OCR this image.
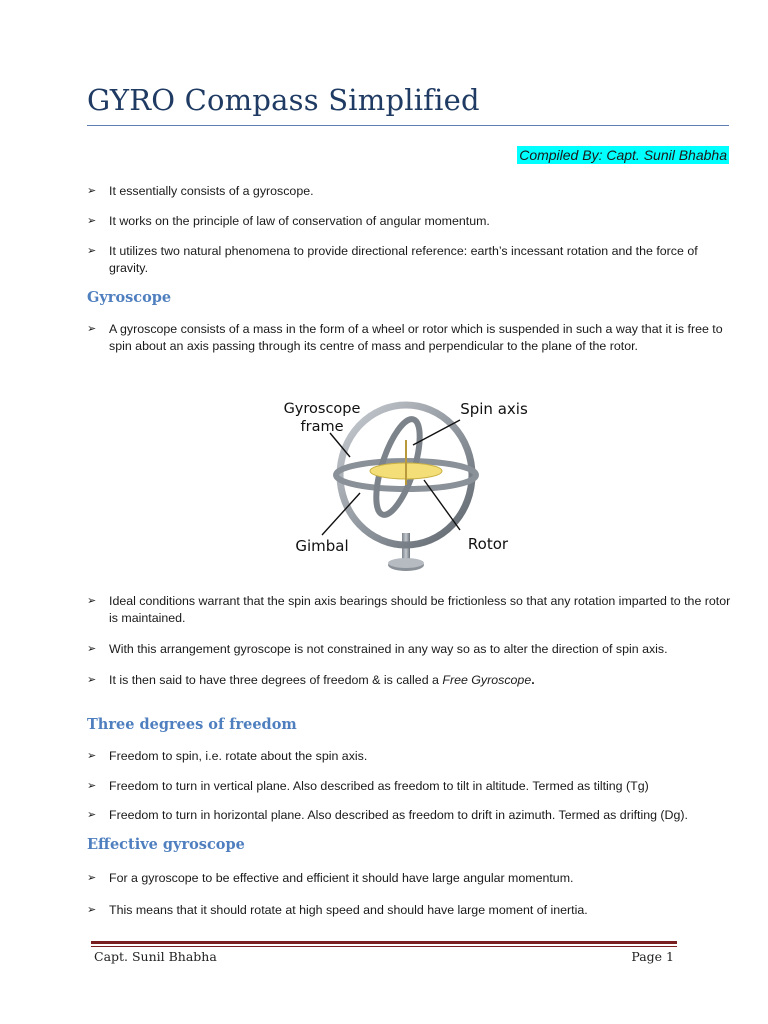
GYRO Compass Simplified
Compiled By: Capt. Sunil Bhabha
➢ It essentially consists of a gyroscope.
➢ It works on the principle of law of conservation of angular momentum.
➢ It utilizes two natural phenomena to provide directional reference: earth’s incessant rotation and the force of gravity.
Gyroscope
➢ A gyroscope consists of a mass in the form of a wheel or rotor which is suspended in such a way that it is free to spin about an axis passing through its centre of mass and perpendicular to the plane of the rotor.
Gyroscope
frame
Spin axis
Gimbal	Rotor
➢ Ideal conditions warrant that the spin axis bearings should be frictionless so that any rotation imparted to the rotor is maintained.
➢ With this arrangement gyroscope is not constrained in any way so as to alter the direction of spin axis.
➢ It is then said to have three degrees of freedom & is called a Free Gyroscope.
Three degrees of freedom
➢ Freedom to spin, i.e. rotate about the spin axis.
➢ Freedom to turn in vertical plane. Also described as freedom to tilt in altitude. Termed as tilting (Tg)
➢ Freedom to turn in horizontal plane. Also described as freedom to drift in azimuth. Termed as drifting (Dg).
Effective gyroscope
➢ For a gyroscope to be effective and efficient it should have large angular momentum.
➢ This means that it should rotate at high speed and should have large moment of inertia.
Capt. Sunil Bhabha	Page 1
